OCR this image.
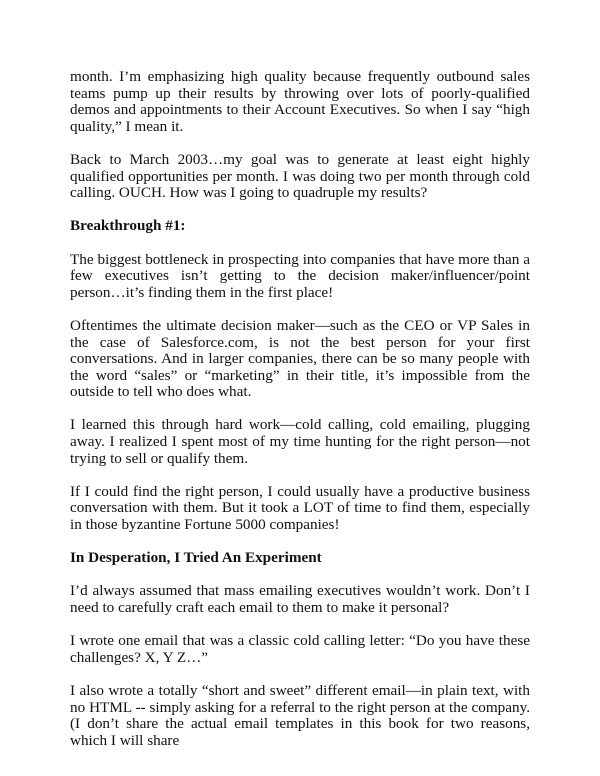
month. I’m emphasizing high quality because frequently outbound sales teams pump up their results by throwing over lots of poorly-qualified demos and appointments to their Account Executives. So when I say “high quality,” I mean it.

Back to March 2003…my goal was to generate at least eight highly qualified opportunities per month. I was doing two per month through cold calling. OUCH. How was I going to quadruple my results?

Breakthrough #1:

The biggest bottleneck in prospecting into companies that have more than a few executives isn’t getting to the decision maker/influencer/point person…it’s finding them in the first place!

Oftentimes the ultimate decision maker—such as the CEO or VP Sales in the case of Salesforce.com, is not the best person for your first conversations. And in larger companies, there can be so many people with the word “sales” or “marketing” in their title, it’s impossible from the outside to tell who does what.

I learned this through hard work—cold calling, cold emailing, plugging away. I realized I spent most of my time hunting for the right person—not trying to sell or qualify them.

If I could find the right person, I could usually have a productive business conversation with them. But it took a LOT of time to find them, especially in those byzantine Fortune 5000 companies!

In Desperation, I Tried An Experiment

I’d always assumed that mass emailing executives wouldn’t work. Don’t I need to carefully craft each email to them to make it personal?

I wrote one email that was a classic cold calling letter: “Do you have these challenges? X, Y Z…”

I also wrote a totally “short and sweet” different email—in plain text, with no HTML -- simply asking for a referral to the right person at the company. (I don’t share the actual email templates in this book for two reasons, which I will share
